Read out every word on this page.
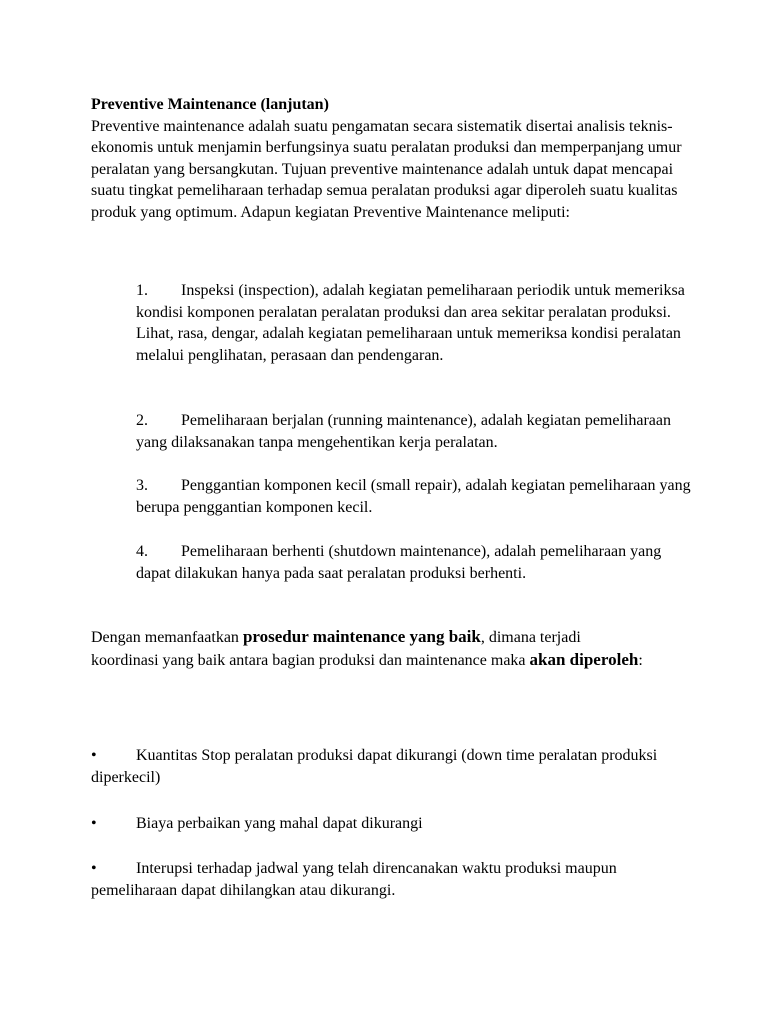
Preventive Maintenance (lanjutan)
Preventive maintenance adalah suatu pengamatan secara sistematik disertai analisis teknis-ekonomis untuk menjamin berfungsinya suatu peralatan produksi dan memperpanjang umur peralatan yang bersangkutan. Tujuan preventive maintenance adalah untuk dapat mencapai suatu tingkat pemeliharaan terhadap semua peralatan produksi agar diperoleh suatu kualitas produk yang optimum. Adapun kegiatan Preventive Maintenance meliputi:
1. Inspeksi (inspection), adalah kegiatan pemeliharaan periodik untuk memeriksa kondisi komponen peralatan peralatan produksi dan area sekitar peralatan produksi. Lihat, rasa, dengar, adalah kegiatan pemeliharaan untuk memeriksa kondisi peralatan melalui penglihatan, perasaan dan pendengaran.
2. Pemeliharaan berjalan (running maintenance), adalah kegiatan pemeliharaan yang dilaksanakan tanpa mengehentikan kerja peralatan.
3. Penggantian komponen kecil (small repair), adalah kegiatan pemeliharaan yang berupa penggantian komponen kecil.
4. Pemeliharaan berhenti (shutdown maintenance), adalah pemeliharaan yang dapat dilakukan hanya pada saat peralatan produksi berhenti.
Dengan memanfaatkan prosedur maintenance yang baik, dimana terjadi koordinasi yang baik antara bagian produksi dan maintenance maka akan diperoleh:
• Kuantitas Stop peralatan produksi dapat dikurangi (down time peralatan produksi diperkecil)
• Biaya perbaikan yang mahal dapat dikurangi
• Interupsi terhadap jadwal yang telah direncanakan waktu produksi maupun pemeliharaan dapat dihilangkan atau dikurangi.
